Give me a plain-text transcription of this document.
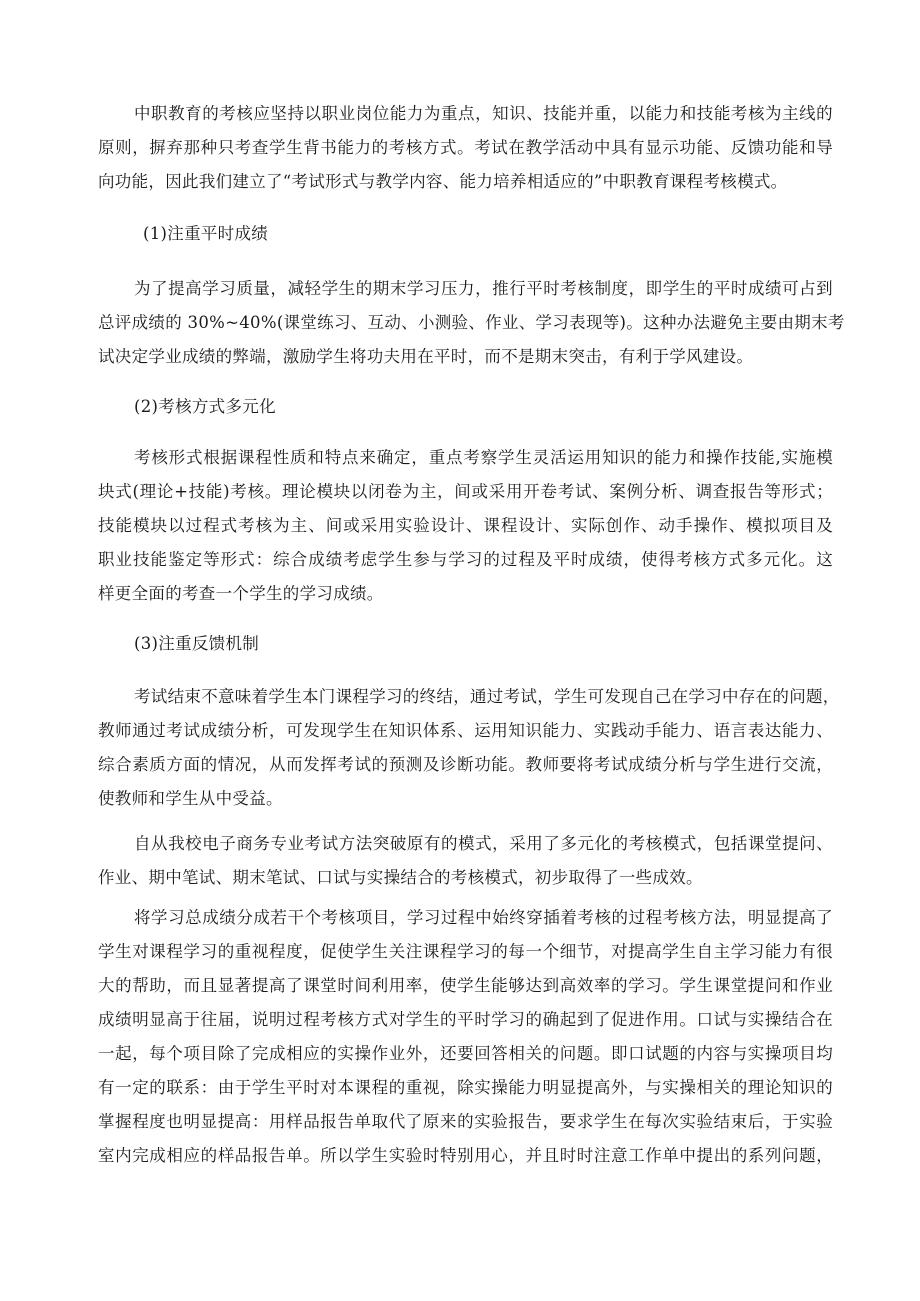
中职教育的考核应坚持以职业岗位能力为重点，知识、技能并重，以能力和技能考核为主线的
原则，摒弃那种只考查学生背书能力的考核方式。考试在教学活动中具有显示功能、反馈功能和导
向功能，因此我们建立了“考试形式与教学内容、能力培养相适应的”中职教育课程考核模式。
(1)注重平时成绩
为了提高学习质量，减轻学生的期末学习压力，推行平时考核制度，即学生的平时成绩可占到
总评成绩的 30%~40%(课堂练习、互动、小测验、作业、学习表现等)。这种办法避免主要由期末考
试决定学业成绩的弊端，激励学生将功夫用在平时，而不是期末突击，有利于学风建设。
(2)考核方式多元化
考核形式根据课程性质和特点来确定，重点考察学生灵活运用知识的能力和操作技能,实施模
块式(理论+技能)考核。理论模块以闭卷为主，间或采用开卷考试、案例分析、调查报告等形式；
技能模块以过程式考核为主、间或采用实验设计、课程设计、实际创作、动手操作、模拟项目及
职业技能鉴定等形式：综合成绩考虑学生参与学习的过程及平时成绩，使得考核方式多元化。这
样更全面的考查一个学生的学习成绩。
(3)注重反馈机制
考试结束不意味着学生本门课程学习的终结，通过考试，学生可发现自己在学习中存在的问题，
教师通过考试成绩分析，可发现学生在知识体系、运用知识能力、实践动手能力、语言表达能力、
综合素质方面的情况，从而发挥考试的预测及诊断功能。教师要将考试成绩分析与学生进行交流，
使教师和学生从中受益。
自从我校电子商务专业考试方法突破原有的模式，采用了多元化的考核模式，包括课堂提问、
作业、期中笔试、期末笔试、口试与实操结合的考核模式，初步取得了一些成效。
将学习总成绩分成若干个考核项目，学习过程中始终穿插着考核的过程考核方法，明显提高了
学生对课程学习的重视程度，促使学生关注课程学习的每一个细节，对提高学生自主学习能力有很
大的帮助，而且显著提高了课堂时间利用率，使学生能够达到高效率的学习。学生课堂提问和作业
成绩明显高于往届，说明过程考核方式对学生的平时学习的确起到了促进作用。口试与实操结合在
一起，每个项目除了完成相应的实操作业外，还要回答相关的问题。即口试题的内容与实操项目均
有一定的联系：由于学生平时对本课程的重视，除实操能力明显提高外，与实操相关的理论知识的
掌握程度也明显提高：用样品报告单取代了原来的实验报告，要求学生在每次实验结束后，于实验
室内完成相应的样品报告单。所以学生实验时特别用心，并且时时注意工作单中提出的系列问题，
